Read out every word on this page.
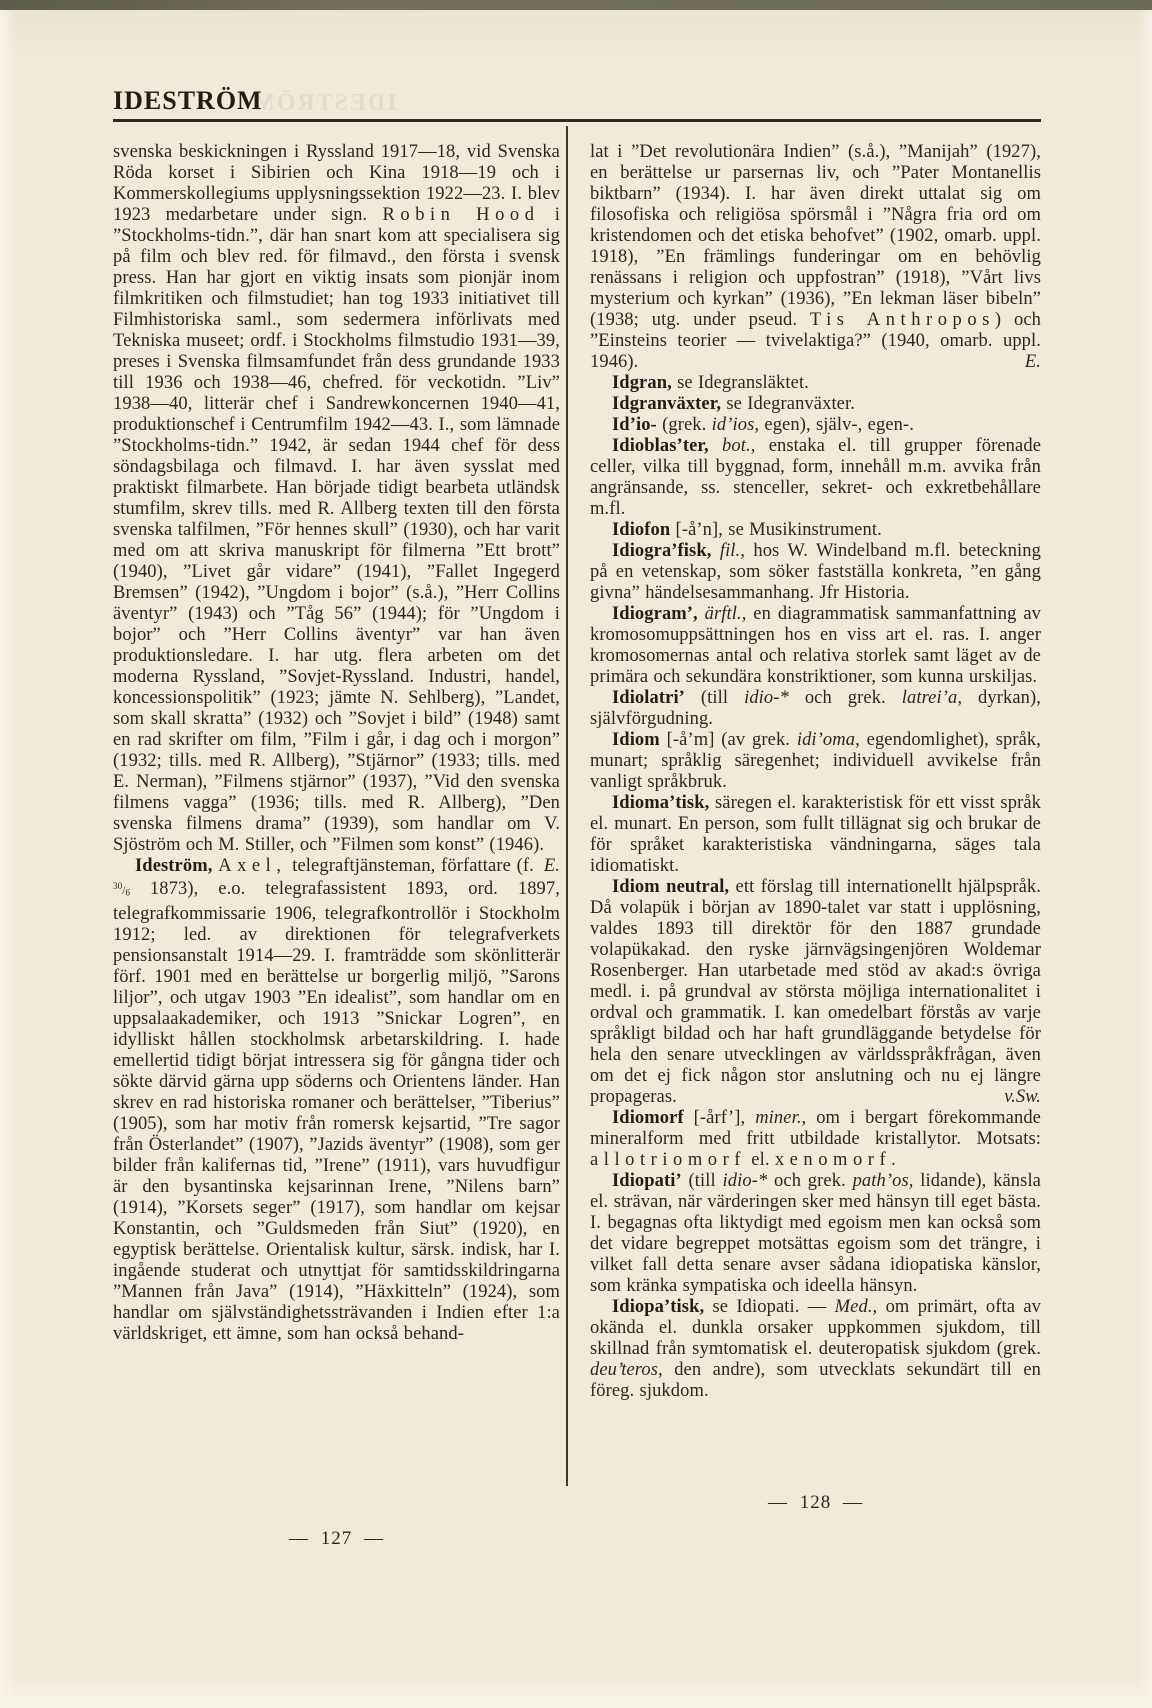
IDESTRÖM
IDESTRÖM

svenska beskickningen i Ryssland 1917—18, vid Svenska Röda korset i Sibirien och Kina 1918—19 och i Kommerskollegiums upplysningssektion 1922—23. I. blev 1923 medarbetare under sign. Robin Hood i ”Stockholms-tidn.”, där han snart kom att specialisera sig på film och blev red. för filmavd., den första i svensk press. Han har gjort en viktig insats som pionjär inom filmkritiken och filmstudiet; han tog 1933 initiativet till Filmhistoriska saml., som sedermera införlivats med Tekniska museet; ordf. i Stockholms filmstudio 1931—39, preses i Svenska filmsamfundet från dess grundande 1933 till 1936 och 1938—46, chefred. för veckotidn. ”Liv” 1938—40, litterär chef i Sandrewkoncernen 1940—41, produktionschef i Centrumfilm 1942—43. I., som lämnade ”Stockholms-tidn.” 1942, är sedan 1944 chef för dess söndagsbilaga och filmavd. I. har även sysslat med praktiskt filmarbete. Han började tidigt bearbeta utländsk stumfilm, skrev tills. med R. Allberg texten till den första svenska talfilmen, ”För hennes skull” (1930), och har varit med om att skriva manuskript för filmerna ”Ett brott” (1940), ”Livet går vidare” (1941), ”Fallet Ingegerd Bremsen” (1942), ”Ungdom i bojor” (s.å.), ”Herr Collins äventyr” (1943) och ”Tåg 56” (1944); för ”Ungdom i bojor” och ”Herr Collins äventyr” var han även produktionsledare. I. har utg. flera arbeten om det moderna Ryssland, ”Sovjet-Ryssland. Industri, handel, koncessionspolitik” (1923; jämte N. Sehlberg), ”Landet, som skall skratta” (1932) och ”Sovjet i bild” (1948) samt en rad skrifter om film, ”Film i går, i dag och i morgon” (1932; tills. med R. Allberg), ”Stjärnor” (1933; tills. med E. Nerman), ”Filmens stjärnor” (1937), ”Vid den svenska filmens vagga” (1936; tills. med R. Allberg), ”Den svenska filmens drama” (1939), som handlar om V. Sjöström och M. Stiller, och ”Filmen som konst” (1946).
E.

Ideström, Axel, telegraftjänsteman, författare (f. $^{30}/_6$ 1873), e.o. telegrafassistent 1893, ord. 1897, telegrafkommissarie 1906, telegrafkontrollör i Stockholm 1912; led. av direktionen för telegrafverkets pensionsanstalt 1914—29. I. framträdde som skönlitterär förf. 1901 med en berättelse ur borgerlig miljö, ”Sarons liljor”, och utgav 1903 ”En idealist”, som handlar om en uppsalaakademiker, och 1913 ”Snickar Logren”, en idylliskt hållen stockholmsk arbetarskildring. I. hade emellertid tidigt börjat intressera sig för gångna tider och sökte därvid gärna upp söderns och Orientens länder. Han skrev en rad historiska romaner och berättelser, ”Tiberius” (1905), som har motiv från romersk kejsartid, ”Tre sagor från Österlandet” (1907), ”Jazids äventyr” (1908), som ger bilder från kalifernas tid, ”Irene” (1911), vars huvudfigur är den bysantinska kejsarinnan Irene, ”Nilens barn” (1914), ”Korsets seger” (1917), som handlar om kejsar Konstantin, och ”Guldsmeden från Siut” (1920), en egyptisk berättelse. Orientalisk kultur, särsk. indisk, har I. ingående studerat och utnyttjat för samtidsskildringarna ”Mannen från Java” (1914), ”Häxkitteln” (1924), som handlar om självständighetssträvanden i Indien efter 1:a världskriget, ett ämne, som han också behand-

lat i ”Det revolutionära Indien” (s.å.), ”Manijah” (1927), en berättelse ur parsernas liv, och ”Pater Montanellis biktbarn” (1934). I. har även direkt uttalat sig om filosofiska och religiösa spörsmål i ”Några fria ord om kristendomen och det etiska behofvet” (1902, omarb. uppl. 1918), ”En främlings funderingar om en behövlig renässans i religion och uppfostran” (1918), ”Vårt livs mysterium och kyrkan” (1936), ”En lekman läser bibeln” (1938; utg. under pseud. Tis Anthropos) och ”Einsteins teorier — tvivelaktiga?” (1940, omarb. uppl. 1946).	E.

Idgran, se Idegransläktet.

Idgranväxter, se Idegranväxter.

Id’io- (grek. id’ios, egen), själv-, egen-.

Idioblas’ter, bot., enstaka el. till grupper förenade celler, vilka till byggnad, form, innehåll m.m. avvika från angränsande, ss. stenceller, sekret- och exkretbehållare m.fl.

Idiofon [-å’n], se Musikinstrument.

Idiogra’fisk, fil., hos W. Windelband m.fl. beteckning på en vetenskap, som söker fastställa konkreta, ”en gång givna” händelsesammanhang. Jfr Historia.

Idiogram’, ärftl., en diagrammatisk sammanfattning av kromosomuppsättningen hos en viss art el. ras. I. anger kromosomernas antal och relativa storlek samt läget av de primära och sekundära konstriktioner, som kunna urskiljas.

Idiolatri’ (till idio-* och grek. latrei’a, dyrkan), självförgudning.

Idiom [-å’m] (av grek. idi’oma, egendomlighet), språk, munart; språklig säregenhet; individuell avvikelse från vanligt språkbruk.

Idioma’tisk, säregen el. karakteristisk för ett visst språk el. munart. En person, som fullt tillägnat sig och brukar de för språket karakteristiska vändningarna, säges tala idiomatiskt.

Idiom neutral, ett förslag till internationellt hjälpspråk. Då volapük i början av 1890-talet var statt i upplösning, valdes 1893 till direktör för den 1887 grundade volapükakad. den ryske järnvägsingenjören Woldemar Rosenberger. Han utarbetade med stöd av akad:s övriga medl. i. på grundval av största möjliga internationalitet i ordval och grammatik. I. kan omedelbart förstås av varje språkligt bildad och har haft grundläggande betydelse för hela den senare utvecklingen av världsspråkfrågan, även om det ej fick någon stor anslutning och nu ej längre propageras.	v.Sw.

Idiomorf [-årf’], miner., om i bergart förekommande mineralform med fritt utbildade kristallytor. Motsats: allotriomorf el. xenomorf.

Idiopati’ (till idio-* och grek. path’os, lidande), känsla el. strävan, när värderingen sker med hänsyn till eget bästa. I. begagnas ofta liktydigt med egoism men kan också som det vidare begreppet motsättas egoism som det trängre, i vilket fall detta senare avser sådana idiopatiska känslor, som kränka sympatiska och ideella hänsyn.

Idiopa’tisk, se Idiopati. — Med., om primärt, ofta av okända el. dunkla orsaker uppkommen sjukdom, till skillnad från symtomatisk el. deuteropatisk sjukdom (grek. deu’teros, den andre), som utvecklats sekundärt till en föreg. sjukdom.

— 127 —
— 128 —
